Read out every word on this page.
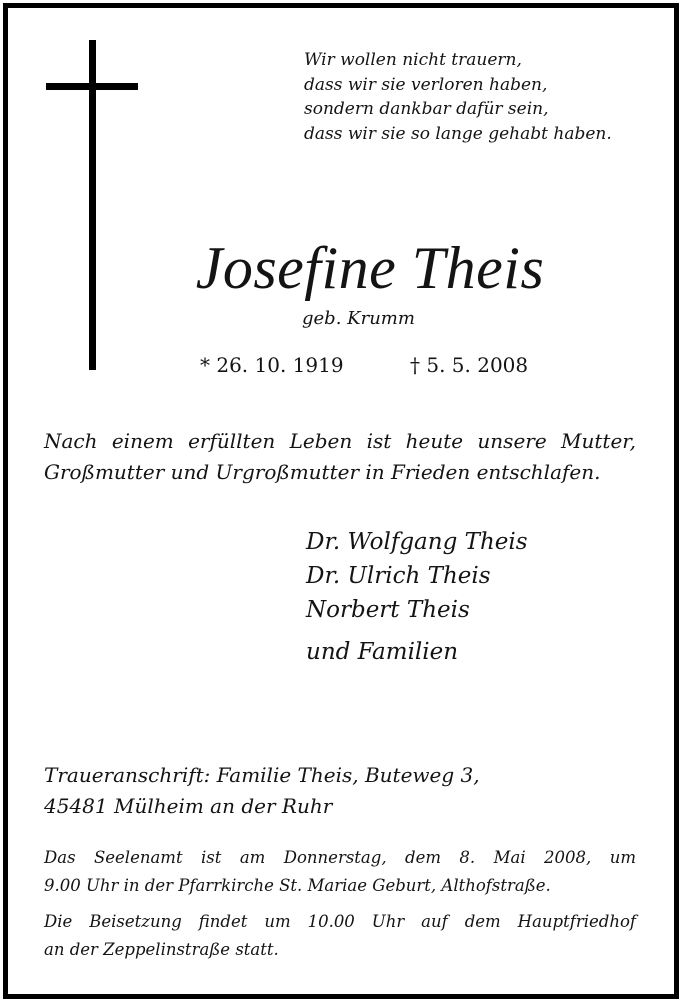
Wir wollen nicht trauern,
dass wir sie verloren haben,
sondern dankbar dafür sein,
dass wir sie so lange gehabt haben.
Josefine Theis
geb. Krumm
* 26. 10. 1919	† 5. 5. 2008
Nach einem erfüllten Leben ist heute unsere Mutter,
Großmutter und Urgroßmutter in Frieden entschlafen.
Dr. Wolfgang Theis
Dr. Ulrich Theis
Norbert Theis
und Familien
Traueranschrift: Familie Theis, Buteweg 3,
45481 Mülheim an der Ruhr
Das Seelenamt ist am Donnerstag, dem 8. Mai 2008, um
9.00 Uhr in der Pfarrkirche St. Mariae Geburt, Althofstraße.
Die Beisetzung findet um 10.00 Uhr auf dem Hauptfriedhof
an der Zeppelinstraße statt.
